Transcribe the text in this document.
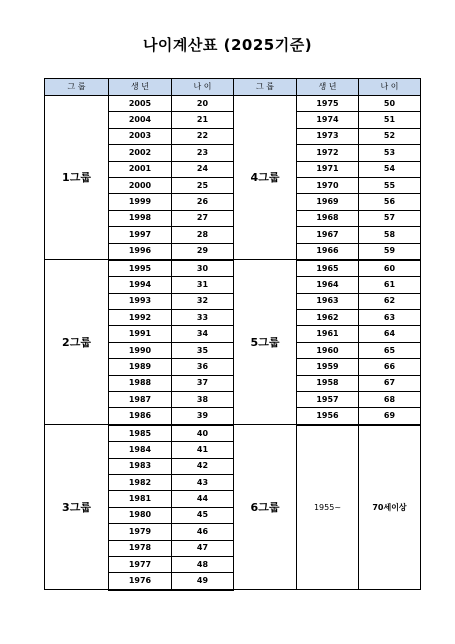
나이계산표 (2025기준)
그 룹	생 년	나 이	그 룹	생 년	나 이
1그룹	2005	20	4그룹	1975	50
	2004	21		1974	51
	2003	22		1973	52
	2002	23		1972	53
	2001	24		1971	54
	2000	25		1970	55
	1999	26		1969	56
	1998	27		1968	57
	1997	28		1967	58
	1996	29		1966	59
2그룹	1995	30	5그룹	1965	60
	1994	31		1964	61
	1993	32		1963	62
	1992	33		1962	63
	1991	34		1961	64
	1990	35		1960	65
	1989	36		1959	66
	1988	37		1958	67
	1987	38		1957	68
	1986	39		1956	69
3그룹	1985	40	6그룹	1955~	70세이상
	1984	41			
	1983	42			
	1982	43			
	1981	44			
	1980	45			
	1979	46			
	1978	47			
	1977	48			
	1976	49			
